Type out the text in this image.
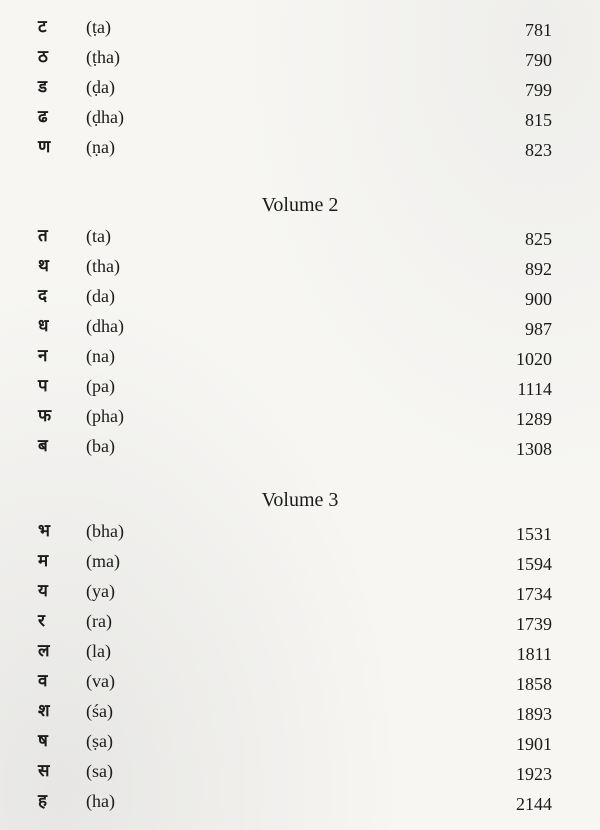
ट	(ṭa)	781
ठ	(ṭha)	790
ड	(ḍa)	799
ढ	(ḍha)	815
ण	(ṇa)	823
Volume 2
त	(ta)	825
थ	(tha)	892
द	(da)	900
ध	(dha)	987
न	(na)	1020
प	(pa)	1114
फ	(pha)	1289
ब	(ba)	1308
Volume 3
भ	(bha)	1531
म	(ma)	1594
य	(ya)	1734
र	(ra)	1739
ल	(la)	1811
व	(va)	1858
श	(śa)	1893
ष	(ṣa)	1901
स	(sa)	1923
ह	(ha)	2144
